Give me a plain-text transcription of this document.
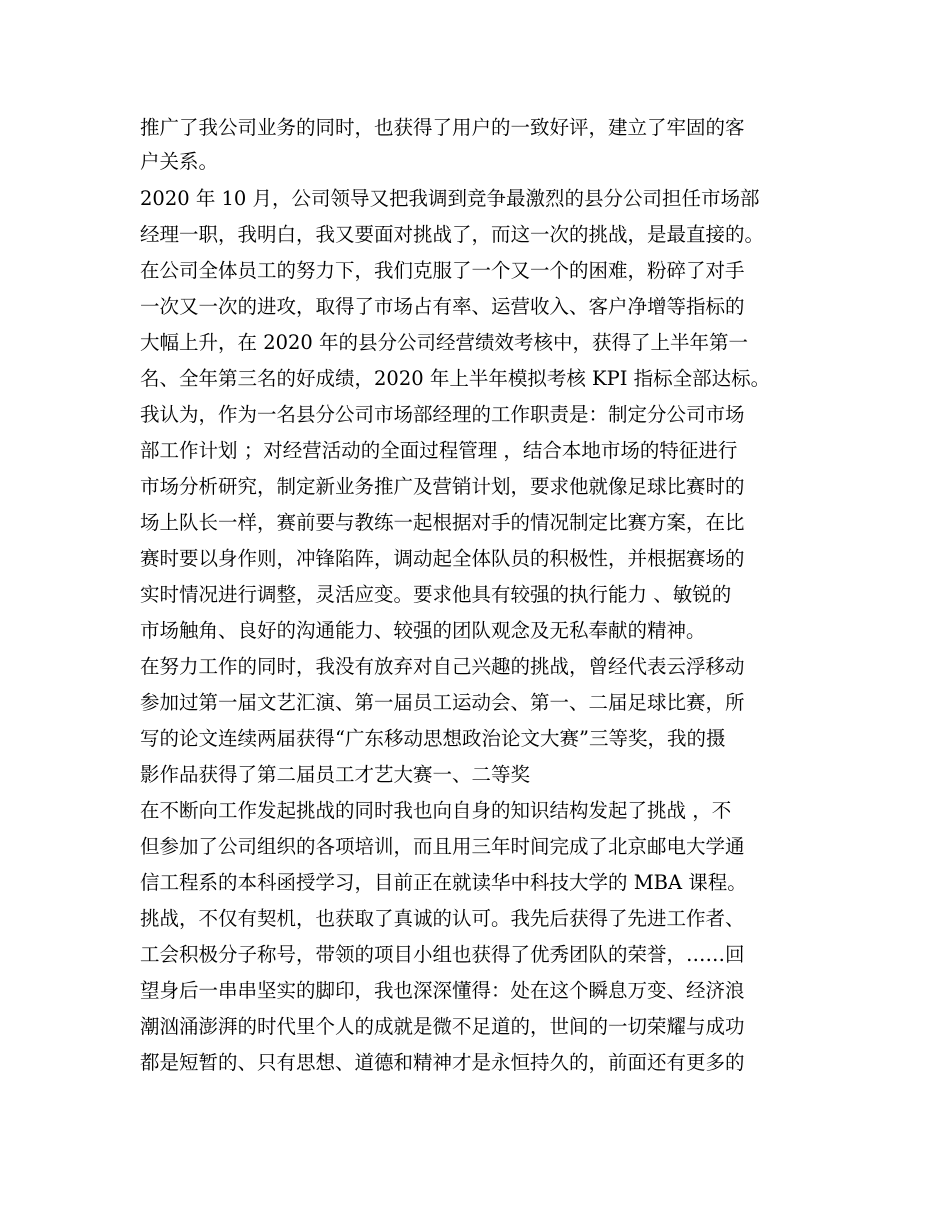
推广了我公司业务的同时，也获得了用户的一致好评，建立了牢固的客
户关系。
2020 年 10 月，公司领导又把我调到竞争最激烈的县分公司担任市场部
经理一职，我明白，我又要面对挑战了，而这一次的挑战，是最直接的。
在公司全体员工的努力下，我们克服了一个又一个的困难，粉碎了对手
一次又一次的进攻，取得了市场占有率、运营收入、客户净增等指标的
大幅上升，在 2020 年的县分公司经营绩效考核中，获得了上半年第一
名、全年第三名的好成绩，2020 年上半年模拟考核 KPI 指标全部达标。
我认为，作为一名县分公司市场部经理的工作职责是：制定分公司市场
部工作计划 ；对经营活动的全面过程管理 ，结合本地市场的特征进行
市场分析研究，制定新业务推广及营销计划，要求他就像足球比赛时的
场上队长一样，赛前要与教练一起根据对手的情况制定比赛方案，在比
赛时要以身作则，冲锋陷阵，调动起全体队员的积极性，并根据赛场的
实时情况进行调整，灵活应变。要求他具有较强的执行能力 、敏锐的
市场触角、良好的沟通能力、较强的团队观念及无私奉献的精神。
在努力工作的同时，我没有放弃对自己兴趣的挑战，曾经代表云浮移动
参加过第一届文艺汇演、第一届员工运动会、第一、二届足球比赛，所
写的论文连续两届获得“广东移动思想政治论文大赛”三等奖，我的摄
影作品获得了第二届员工才艺大赛一、二等奖
在不断向工作发起挑战的同时我也向自身的知识结构发起了挑战 ，不
但参加了公司组织的各项培训，而且用三年时间完成了北京邮电大学通
信工程系的本科函授学习，目前正在就读华中科技大学的 MBA 课程。
挑战，不仅有契机，也获取了真诚的认可。我先后获得了先进工作者、
工会积极分子称号，带领的项目小组也获得了优秀团队的荣誉，……回
望身后一串串坚实的脚印，我也深深懂得：处在这个瞬息万变、经济浪
潮汹涌澎湃的时代里个人的成就是微不足道的，世间的一切荣耀与成功
都是短暂的、只有思想、道德和精神才是永恒持久的，前面还有更多的
